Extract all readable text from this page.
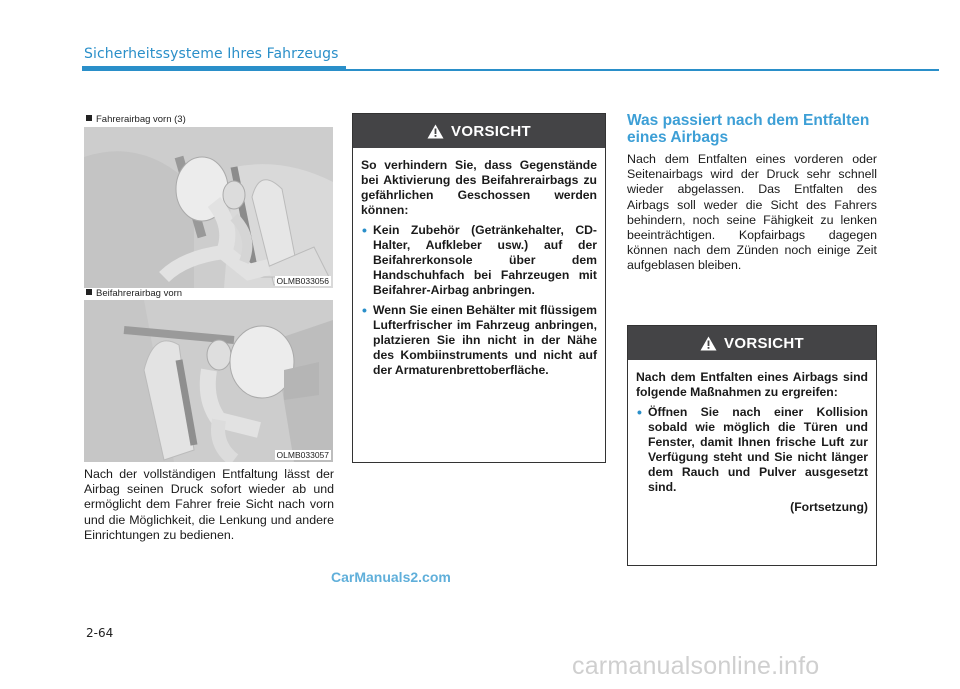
Sicherheitssysteme Ihres Fahrzeugs
Fahrerairbag vorn (3)
OLMB033056
Beifahrerairbag vorn
OLMB033057
Nach der vollständigen Entfaltung lässt der Airbag seinen Druck sofort wieder ab und ermöglicht dem Fahrer freie Sicht nach vorn und die Möglichkeit, die Lenkung und andere Einrichtungen zu bedienen.
VORSICHT

So verhindern Sie, dass Gegenstände bei Aktivierung des Beifahrerairbags zu gefährlichen Geschossen werden können:

• Kein Zubehör (Getränkehalter, CD-Halter, Aufkleber usw.) auf der Beifahrerkonsole über dem Handschuhfach bei Fahrzeugen mit Beifahrer-Airbag anbringen.
• Wenn Sie einen Behälter mit flüssigem Lufterfrischer im Fahrzeug anbringen, platzieren Sie ihn nicht in der Nähe des Kombiinstruments und nicht auf der Armaturenbrettoberfläche.
Was passiert nach dem Entfalten eines Airbags
Nach dem Entfalten eines vorderen oder Seitenairbags wird der Druck sehr schnell wieder abgelassen. Das Entfalten des Airbags soll weder die Sicht des Fahrers behindern, noch seine Fähigkeit zu lenken beeinträchtigen. Kopfairbags dagegen können nach dem Zünden noch einige Zeit aufgeblasen bleiben.
VORSICHT

Nach dem Entfalten eines Airbags sind folgende Maßnahmen zu ergreifen:

• Öffnen Sie nach einer Kollision sobald wie möglich die Türen und Fenster, damit Ihnen frische Luft zur Verfügung steht und Sie nicht länger dem Rauch und Pulver ausgesetzt sind.

(Fortsetzung)

CarManuals2.com
2-64
carmanualsonline.info
